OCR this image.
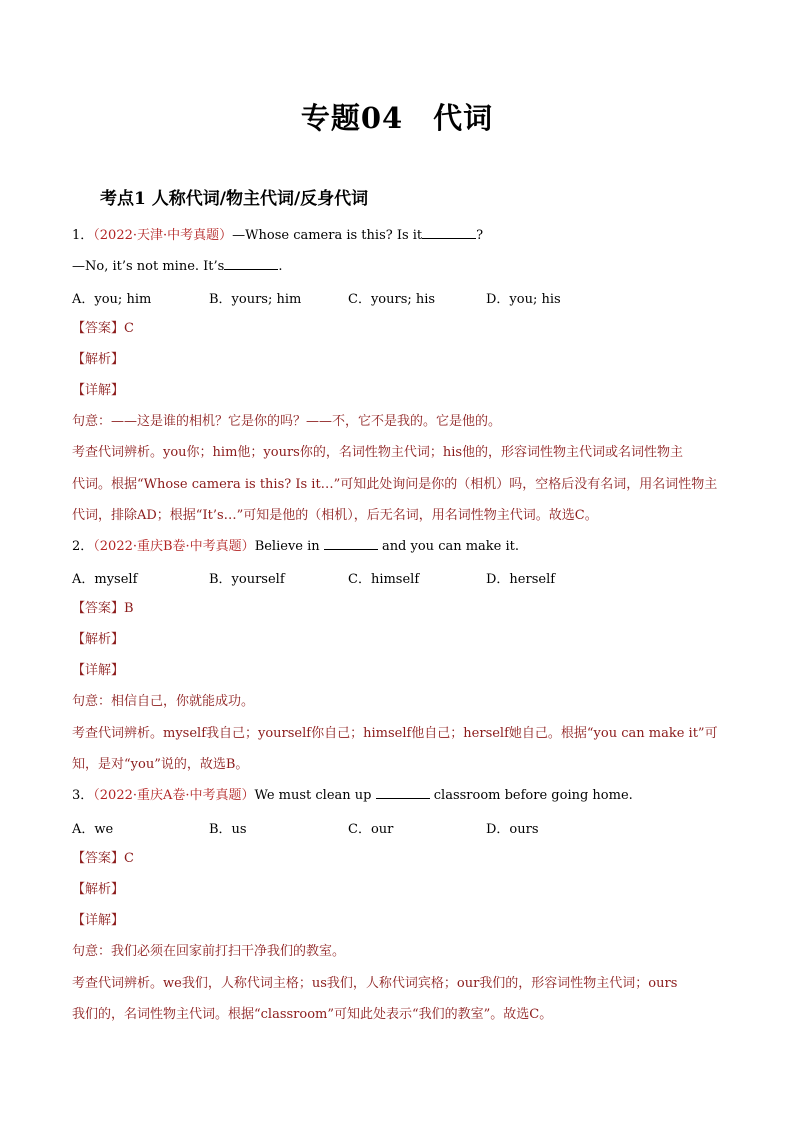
专题04 代词
考点1 人称代词/物主代词/反身代词
1．（2022·天津·中考真题）—Whose camera is this? Is it	?
—No, it’s not mine. It’s	.
A．you; him	B．yours; him	C．yours; his	D．you; his
【答案】C
【解析】
【详解】
句意：——这是谁的相机？它是你的吗？——不，它不是我的。它是他的。
考查代词辨析。you你；him他；yours你的，名词性物主代词；his他的，形容词性物主代词或名词性物主
代词。根据“Whose camera is this? Is it…”可知此处询问是你的（相机）吗，空格后没有名词，用名词性物主
代词，排除AD；根据“It’s…”可知是他的（相机），后无名词，用名词性物主代词。故选C。
2．（2022·重庆B卷·中考真题）Believe in	and you can make it.
A．myself	B．yourself	C．himself	D．herself
【答案】B
【解析】
【详解】
句意：相信自己，你就能成功。
考查代词辨析。myself我自己；yourself你自己；himself他自己；herself她自己。根据“you can make it”可
知，是对“you”说的，故选B。
3．（2022·重庆A卷·中考真题）We must clean up	classroom before going home.
A．we	B．us	C．our	D．ours
【答案】C
【解析】
【详解】
句意：我们必须在回家前打扫干净我们的教室。
考查代词辨析。we我们，人称代词主格；us我们，人称代词宾格；our我们的，形容词性物主代词；ours
我们的，名词性物主代词。根据“classroom”可知此处表示“我们的教室”。故选C。
